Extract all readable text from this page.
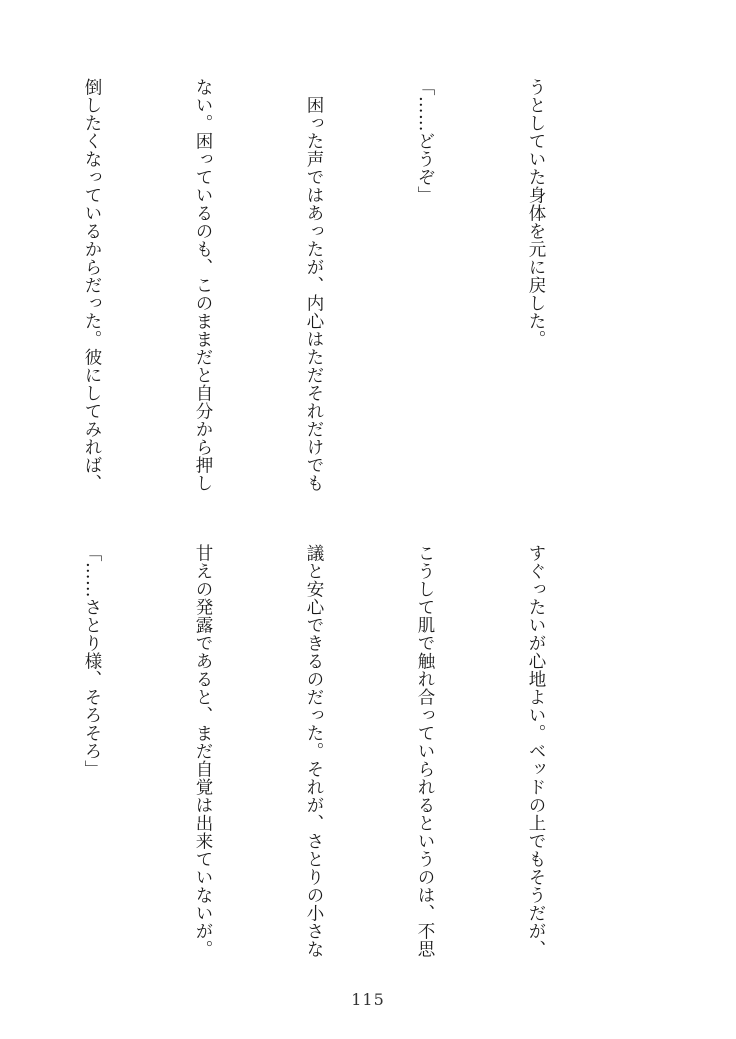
うとしていた身体を元に戻した。

「……どうぞ」

　困った声ではあったが、内心はただそれだけでも

ない。困っているのも、このままだと自分から押し

倒したくなっているからだった。彼にしてみれば、

すぐったいが心地よい。ベッドの上でもそうだが、

こうして肌で触れ合っていられるというのは、不思

議と安心できるのだった。それが、さとりの小さな

甘えの発露であると、まだ自覚は出来ていないが。

「……さとり様、そろそろ」

115
